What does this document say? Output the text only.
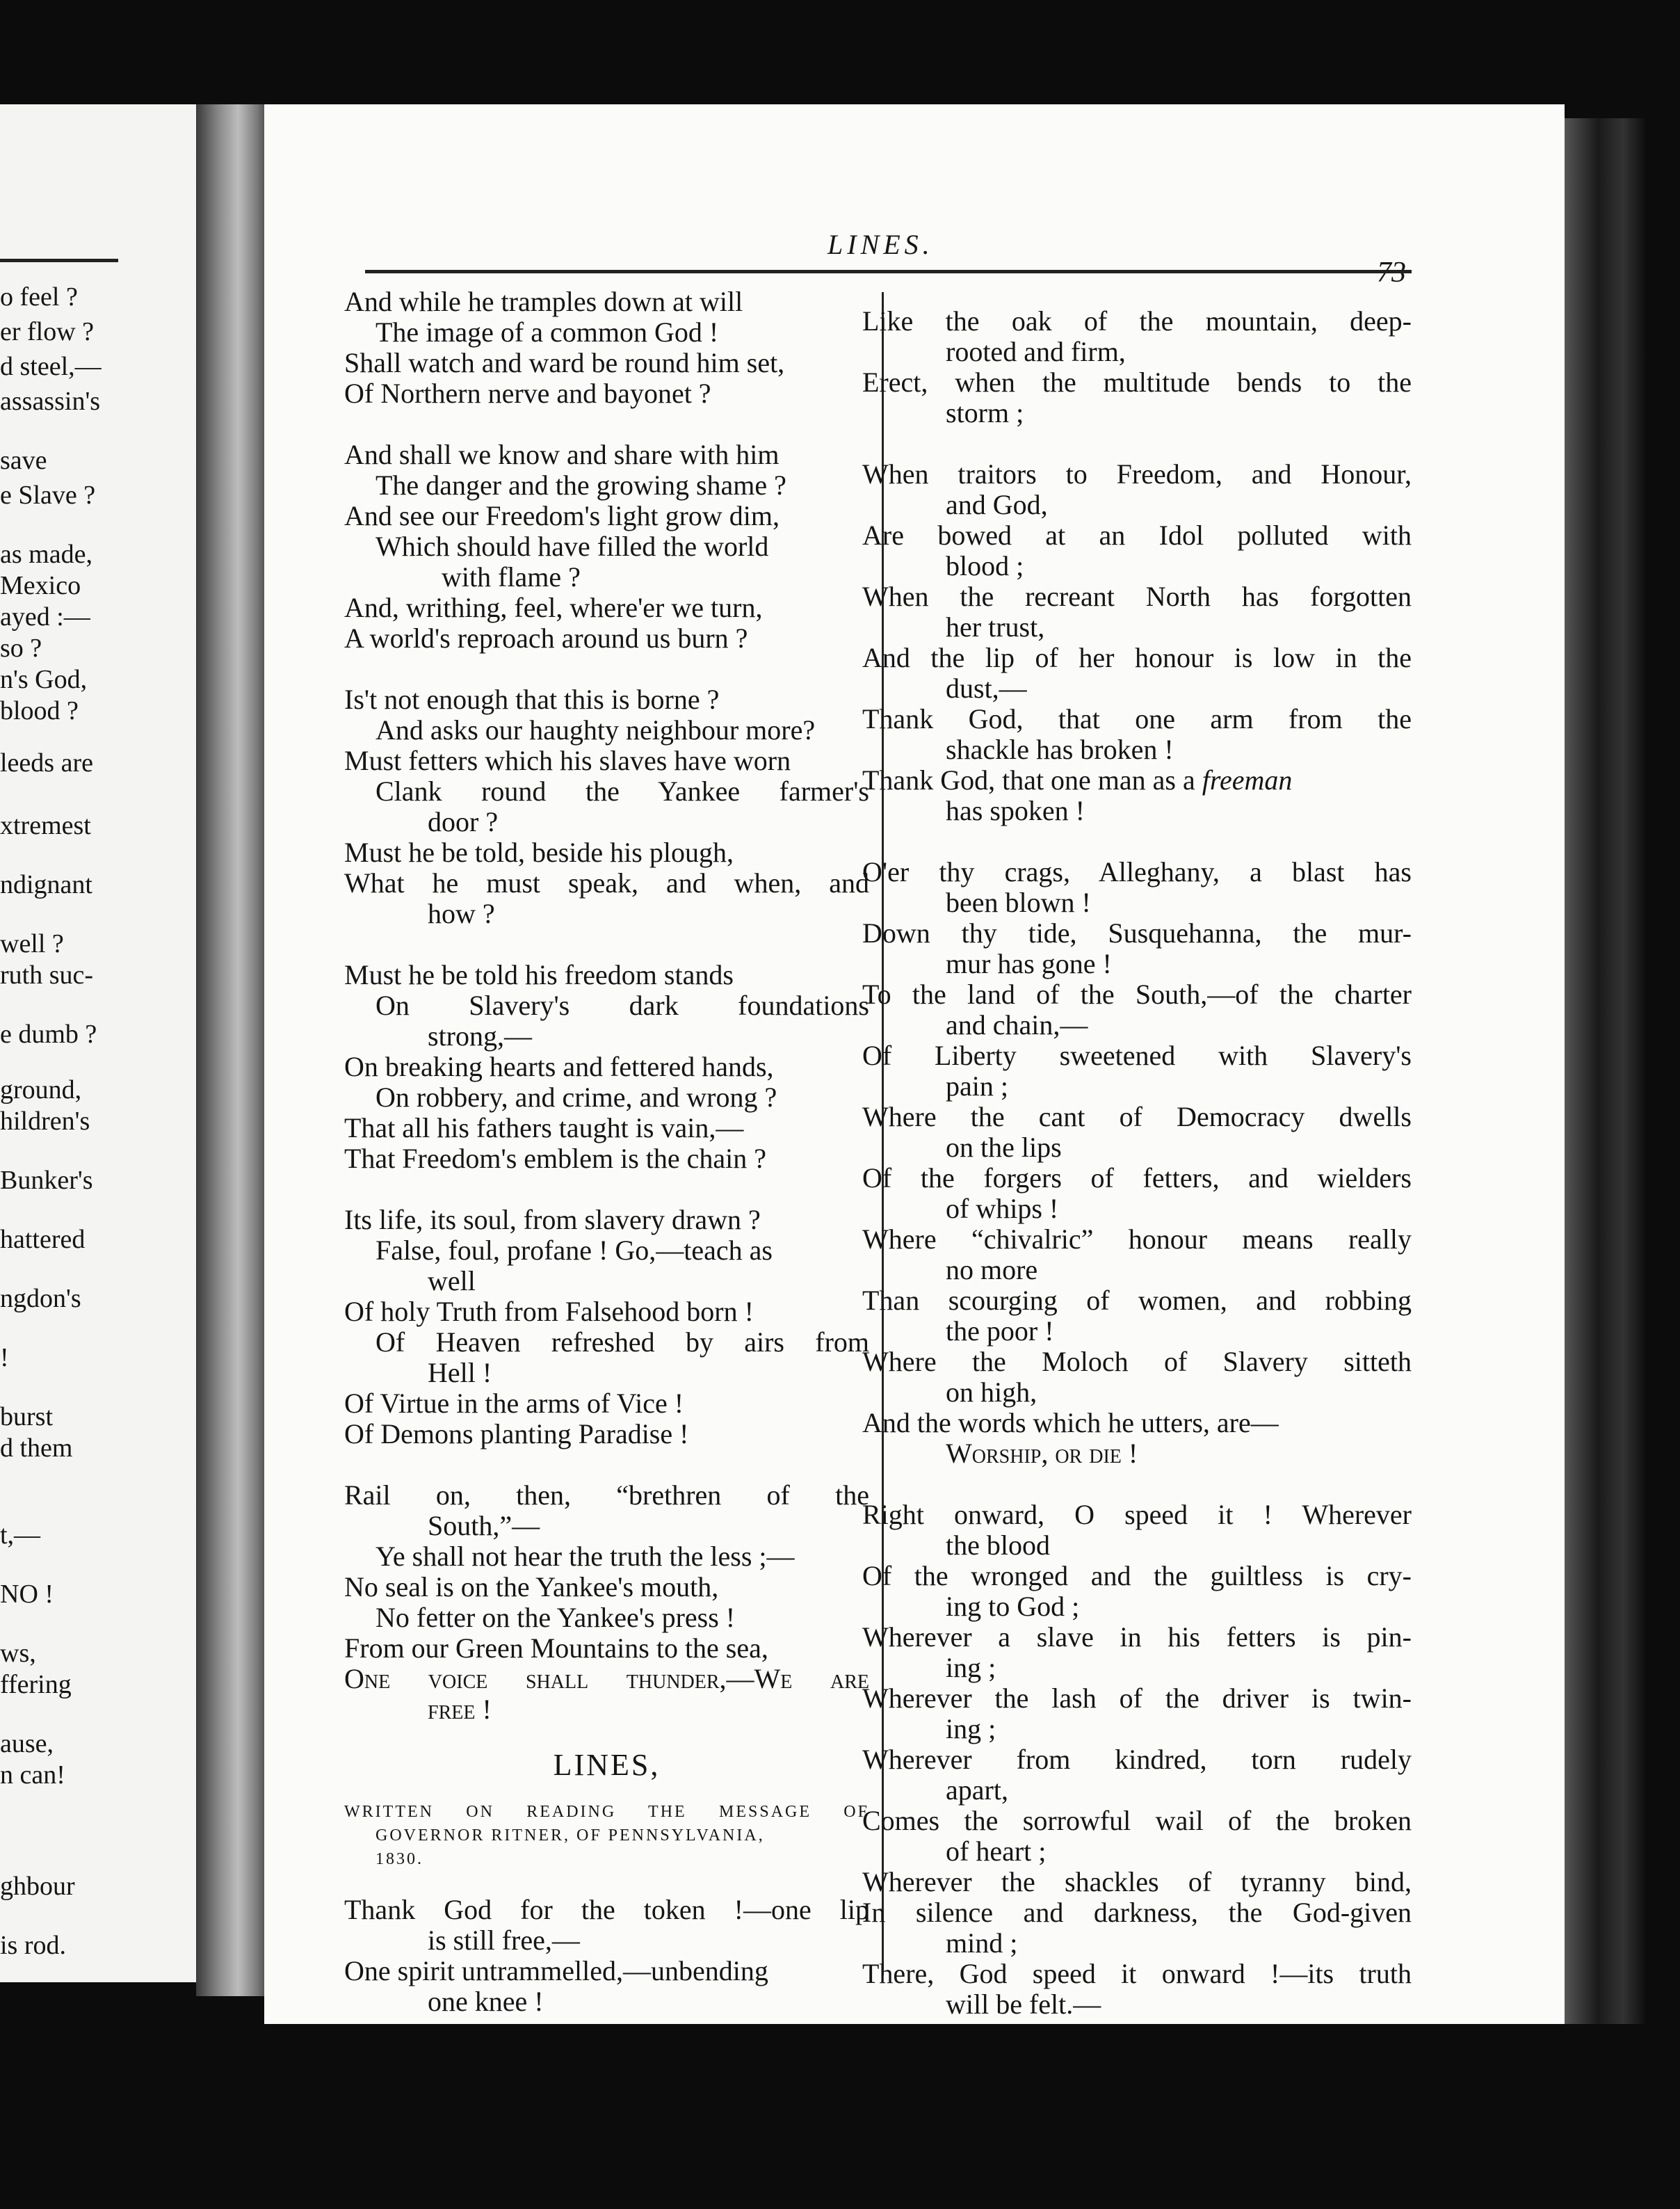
o feel ?
er flow ?
d steel,—
assassin's
save
e Slave ?
as made,
Mexico
ayed :—
so ?
n's God,
blood ?
leeds are
xtremest
ndignant
well ?
ruth suc-
e dumb ?
ground,
hildren's
Bunker's
hattered
ngdon's
!
burst
d them
t,—
NO !
ws,
ffering
ause,
n can!
ghbour
is rod.
LINES.
73
And while he tramples down at will
The image of a common God !
Shall watch and ward be round him set,
Of Northern nerve and bayonet ?
And shall we know and share with him
The danger and the growing shame ?
And see our Freedom's light grow dim,
Which should have filled the world
with flame ?
And, writhing, feel, where'er we turn,
A world's reproach around us burn ?
Is't not enough that this is borne ?
And asks our haughty neighbour more?
Must fetters which his slaves have worn
Clank round the Yankee farmer's
door ?
Must he be told, beside his plough,
What he must speak, and when, and
how ?
Must he be told his freedom stands
On Slavery's dark foundations
strong,—
On breaking hearts and fettered hands,
On robbery, and crime, and wrong ?
That all his fathers taught is vain,—
That Freedom's emblem is the chain ?
Its life, its soul, from slavery drawn ?
False, foul, profane ! Go,—teach as
well
Of holy Truth from Falsehood born !
Of Heaven refreshed by airs from
Hell !
Of Virtue in the arms of Vice !
Of Demons planting Paradise !
Rail on, then, “brethren of the
South,”—
Ye shall not hear the truth the less ;—
No seal is on the Yankee's mouth,
No fetter on the Yankee's press !
From our Green Mountains to the sea,
One voice shall thunder,—We are
free !
LINES,
WRITTEN ON READING THE MESSAGE OF
GOVERNOR RITNER, OF PENNSYLVANIA,
1830.
Thank God for the token !—one lip
is still free,—
One spirit untrammelled,—unbending
one knee !
Like the oak of the mountain, deep-
rooted and firm,
Erect, when the multitude bends to the
storm ;
When traitors to Freedom, and Honour,
and God,
Are bowed at an Idol polluted with
blood ;
When the recreant North has forgotten
her trust,
And the lip of her honour is low in the
dust,—
Thank God, that one arm from the
shackle has broken !
Thank God, that one man as a freeman
has spoken !
O'er thy crags, Alleghany, a blast has
been blown !
Down thy tide, Susquehanna, the mur-
mur has gone !
To the land of the South,—of the charter
and chain,—
Of Liberty sweetened with Slavery's
pain ;
Where the cant of Democracy dwells
on the lips
Of the forgers of fetters, and wielders
of whips !
Where “chivalric” honour means really
no more
Than scourging of women, and robbing
the poor !
Where the Moloch of Slavery sitteth
on high,
And the words which he utters, are—
Worship, or die !
Right onward, O speed it ! Wherever
the blood
Of the wronged and the guiltless is cry-
ing to God ;
Wherever a slave in his fetters is pin-
ing ;
Wherever the lash of the driver is twin-
ing ;
Wherever from kindred, torn rudely
apart,
Comes the sorrowful wail of the broken
of heart ;
Wherever the shackles of tyranny bind,
In silence and darkness, the God-given
mind ;
There, God speed it onward !—its truth
will be felt.—
